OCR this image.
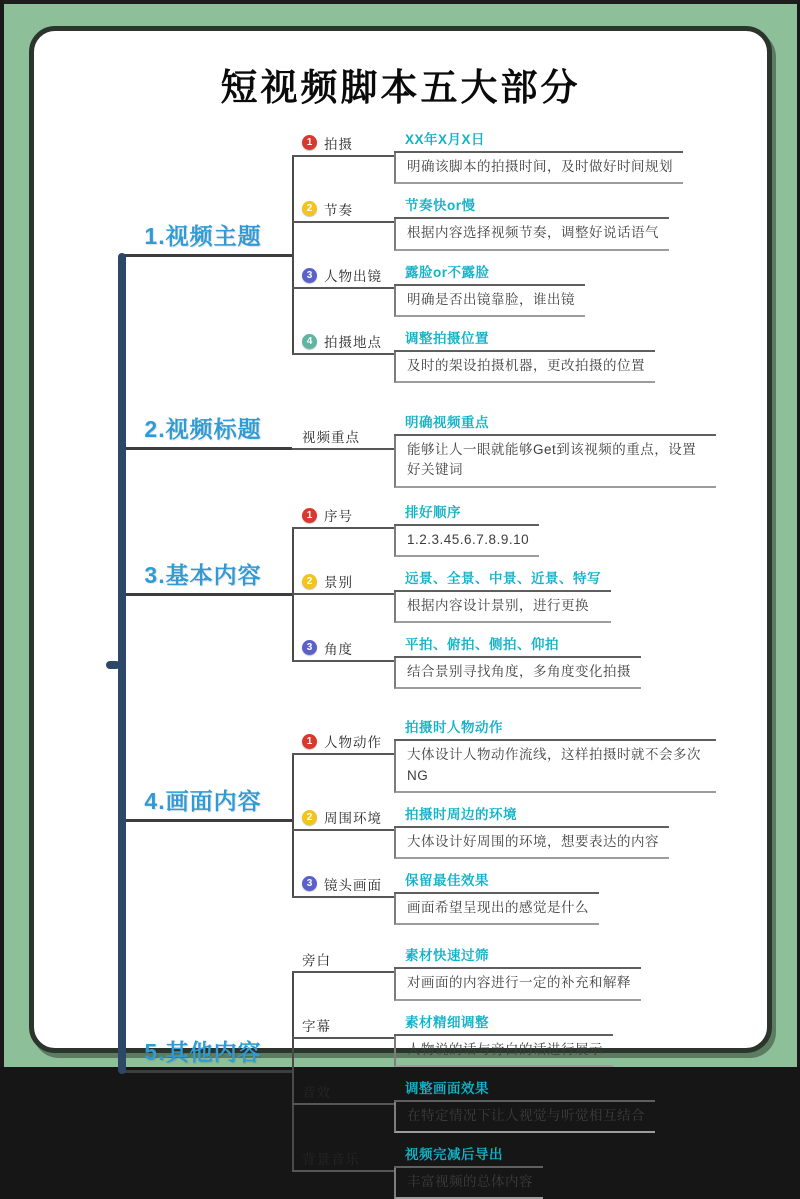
短视频脚本五大部分
1.视频主题
1 拍摄	XX年X月X日
明确该脚本的拍摄时间，及时做好时间规划
2 节奏	节奏快or慢
根据内容选择视频节奏，调整好说话语气
3 人物出镜	露脸or不露脸
明确是否出镜靠脸，谁出镜
4 拍摄地点	调整拍摄位置
及时的架设拍摄机器，更改拍摄的位置
2.视频标题	视频重点
明确视频重点
能够让人一眼就能够Get到该视频的重点，设置好关键词
3.基本内容
1 序号	排好顺序
1.2.3.45.6.7.8.9.10
2 景别	远景、全景、中景、近景、特写
根据内容设计景别，进行更换
3 角度	平拍、俯拍、侧拍、仰拍
结合景别寻找角度，多角度变化拍摄
4.画面内容
1 人物动作
拍摄时人物动作
大体设计人物动作流线，这样拍摄时就不会多次NG
2 周围环境	拍摄时周边的环境
大体设计好周围的环境，想要表达的内容
3 镜头画面	保留最佳效果
画面希望呈现出的感觉是什么
5.其他内容
旁白	素材快速过筛
对画面的内容进行一定的补充和解释
字幕	素材精细调整
人物说的话与旁白的话进行展示
音效	调整画面效果
在特定情况下让人视觉与听觉相互结合
背景音乐	视频完减后导出
丰富视频的总体内容
